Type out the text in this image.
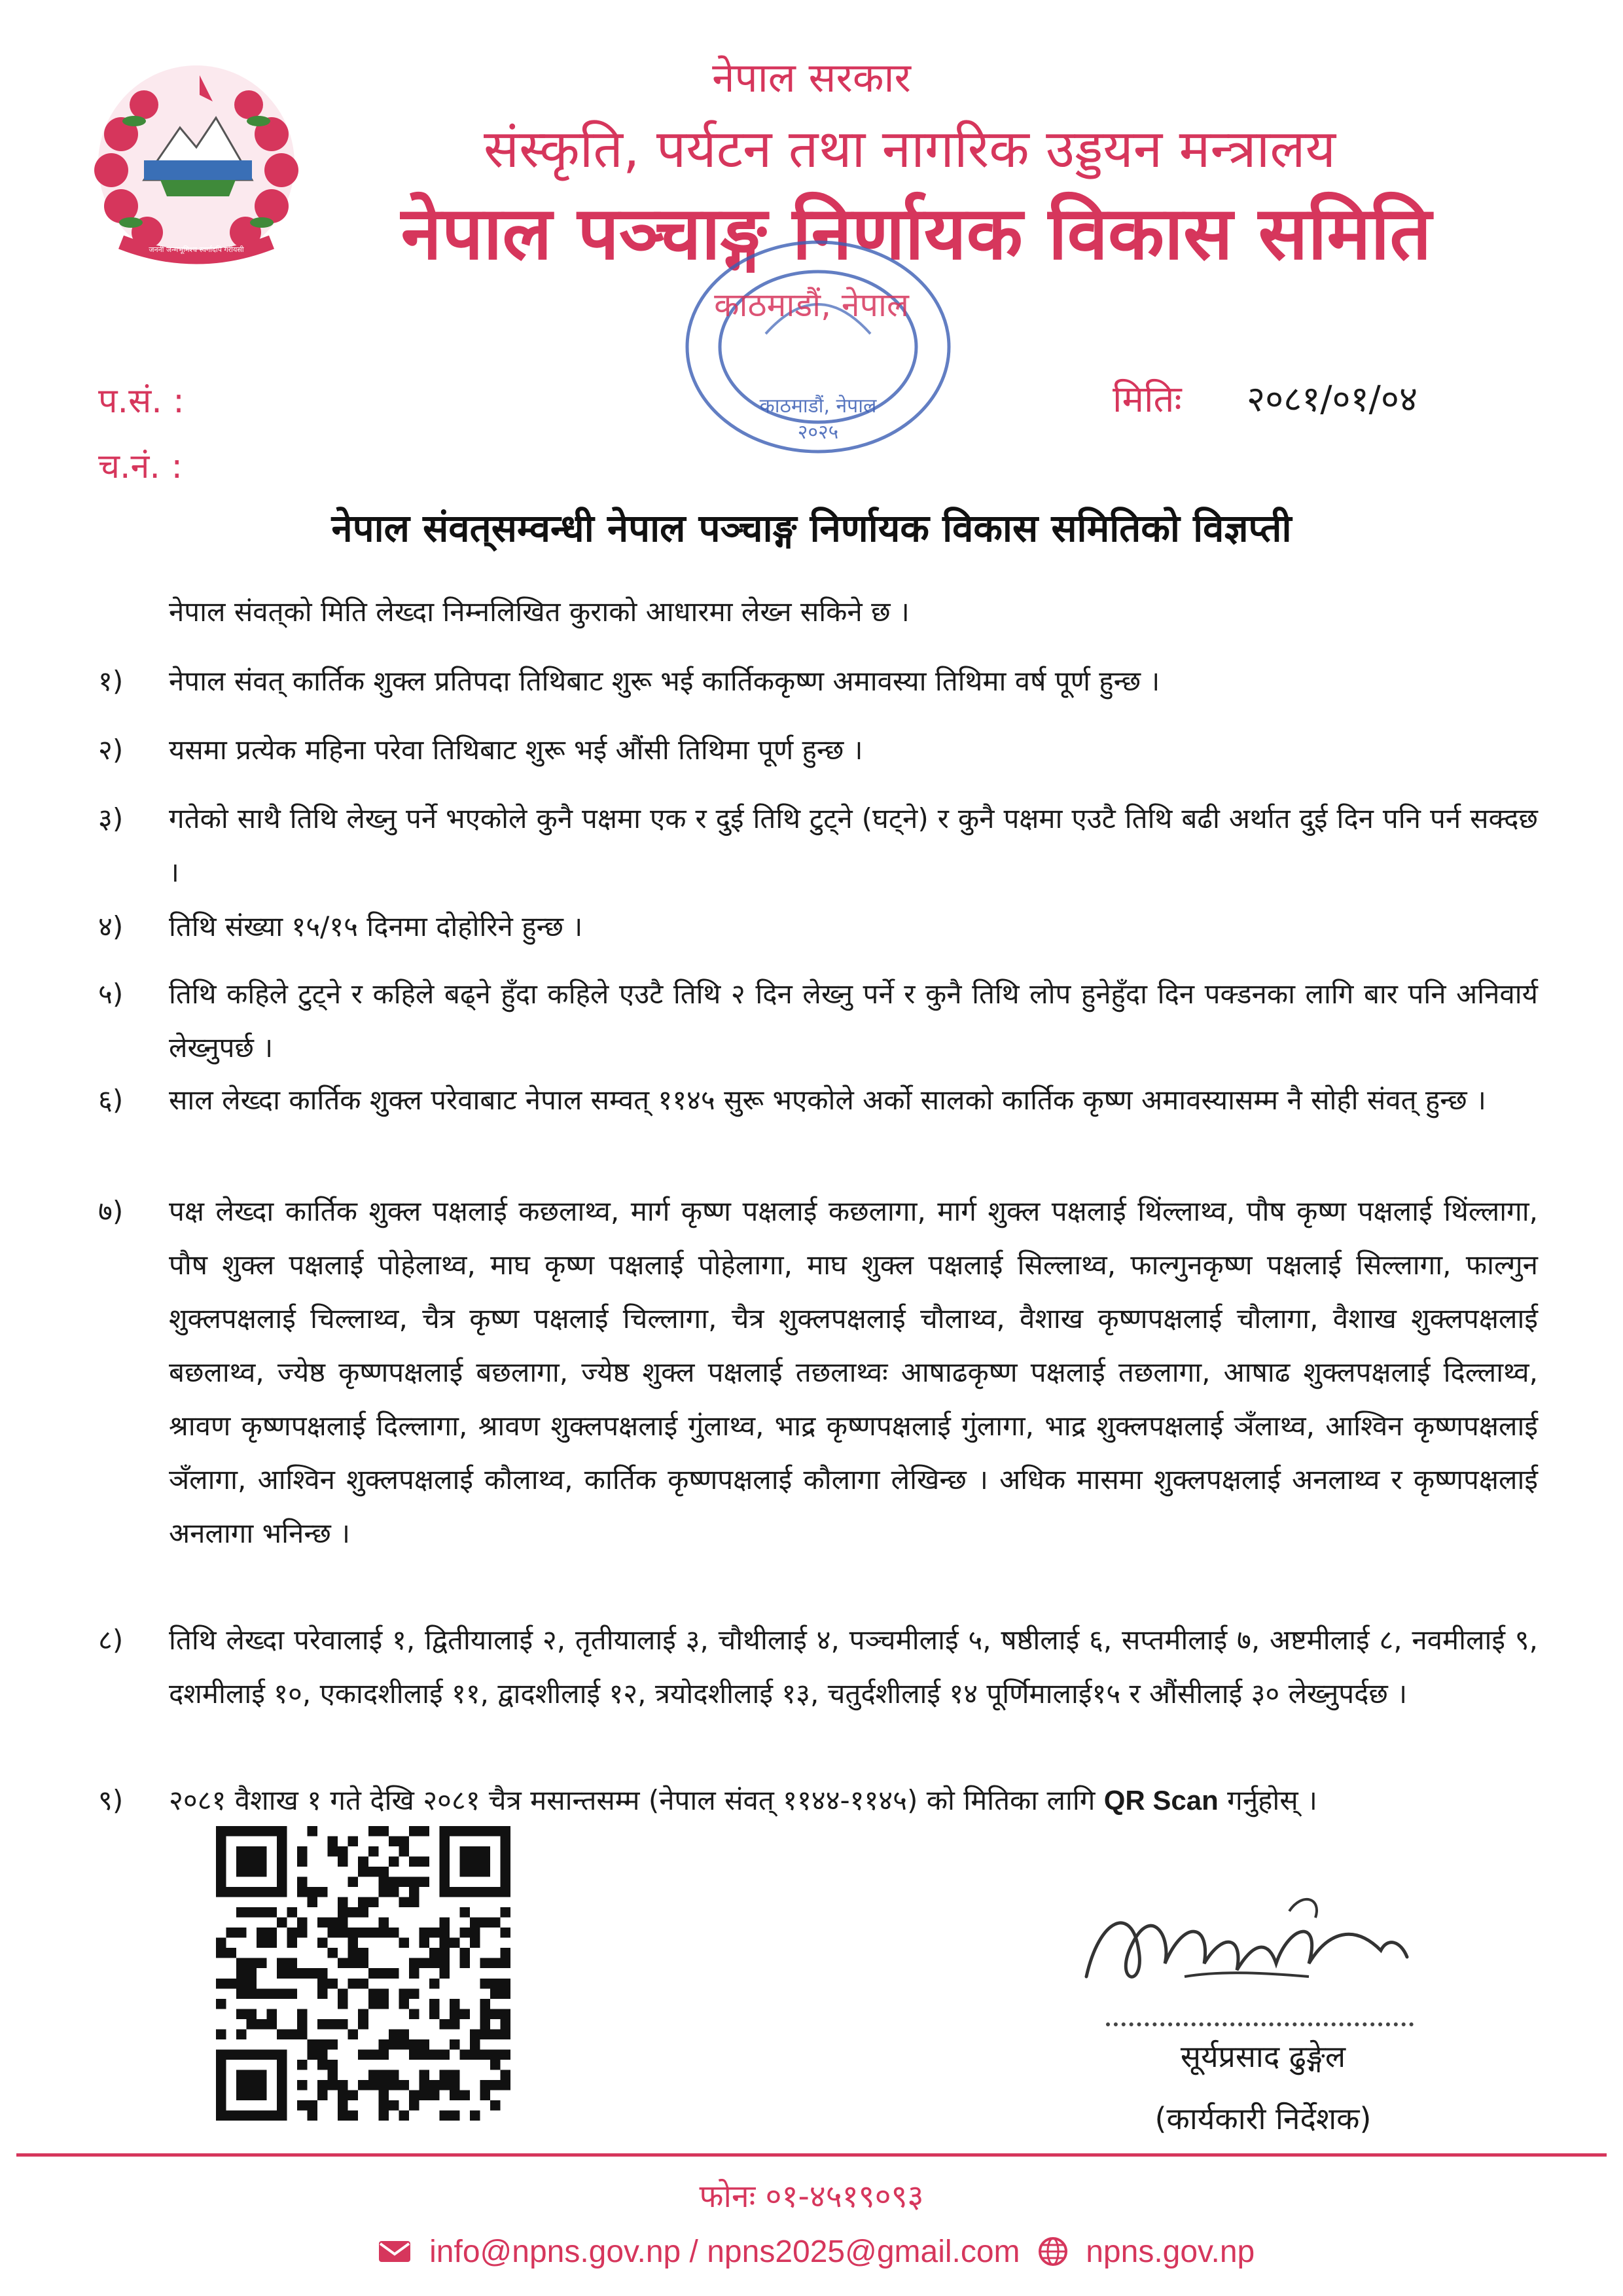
जननी जन्मभूमिश्च स्वर्गादपि गरीयसी
नेपाल सरकार
संस्कृति, पर्यटन तथा नागरिक उड्डयन मन्त्रालय
नेपाल पञ्चाङ्ग निर्णायक विकास समिति
काठमाडौं, नेपाल
२०२५
काठमाडौं, नेपाल
प.सं. :
च.नं. :
मितिः २०८१/०१/०४
नेपाल संवत्‌सम्वन्धी नेपाल पञ्चाङ्ग निर्णायक विकास समितिको विज्ञप्ती
नेपाल संवत्‌को मिति लेख्दा निम्नलिखित कुराको आधारमा लेख्न सकिने छ ।
१)	नेपाल संवत् कार्तिक शुक्ल प्रतिपदा तिथिबाट शुरू भई कार्तिककृष्ण अमावस्या तिथिमा वर्ष पूर्ण हुन्छ ।
२)	यसमा प्रत्येक महिना परेवा तिथिबाट शुरू भई औंसी तिथिमा पूर्ण हुन्छ ।
३)	गतेको साथै तिथि लेख्नु पर्ने भएकोले कुनै पक्षमा एक र दुई तिथि टुट्ने (घट्ने) र कुनै पक्षमा एउटै तिथि बढी अर्थात दुई दिन पनि पर्न सक्दछ ।
४)	तिथि संख्या १५/१५ दिनमा दोहोरिने हुन्छ ।
५)	तिथि कहिले टुट्ने र कहिले बढ्ने हुँदा कहिले एउटै तिथि २ दिन लेख्नु पर्ने र कुनै तिथि लोप हुनेहुँदा दिन पक्डनका लागि बार पनि अनिवार्य लेख्नुपर्छ ।
६)	साल लेख्दा कार्तिक शुक्ल परेवाबाट नेपाल सम्वत् ११४५ सुरू भएकोले अर्को सालको कार्तिक कृष्ण अमावस्यासम्म नै सोही संवत् हुन्छ ।
७)	पक्ष लेख्दा कार्तिक शुक्ल पक्षलाई कछलाथ्व, मार्ग कृष्ण पक्षलाई कछलागा, मार्ग शुक्ल पक्षलाई थिंल्लाथ्व, पौष कृष्ण पक्षलाई थिंल्लागा, पौष शुक्ल पक्षलाई पोहेलाथ्व, माघ कृष्ण पक्षलाई पोहेलागा, माघ शुक्ल पक्षलाई सिल्लाथ्व, फाल्गुनकृष्ण पक्षलाई सिल्लागा, फाल्गुन शुक्लपक्षलाई चिल्लाथ्व, चैत्र कृष्ण पक्षलाई चिल्लागा, चैत्र शुक्लपक्षलाई चौलाथ्व, वैशाख कृष्णपक्षलाई चौलागा, वैशाख शुक्लपक्षलाई बछलाथ्व, ज्येष्ठ कृष्णपक्षलाई बछलागा, ज्येष्ठ शुक्ल पक्षलाई तछलाथ्वः आषाढकृष्ण पक्षलाई तछलागा, आषाढ शुक्लपक्षलाई दिल्लाथ्व, श्रावण कृष्णपक्षलाई दिल्लागा, श्रावण शुक्लपक्षलाई गुंलाथ्व, भाद्र कृष्णपक्षलाई गुंलागा, भाद्र शुक्लपक्षलाई ञँलाथ्व, आश्विन कृष्णपक्षलाई ञँलागा, आश्विन शुक्लपक्षलाई कौलाथ्व, कार्तिक कृष्णपक्षलाई कौलागा लेखिन्छ । अधिक मासमा शुक्लपक्षलाई अनलाथ्व र कृष्णपक्षलाई अनलागा भनिन्छ ।
८)	तिथि लेख्दा परेवालाई १, द्वितीयालाई २, तृतीयालाई ३, चौथीलाई ४, पञ्चमीलाई ५, षष्ठीलाई ६, सप्तमीलाई ७, अष्टमीलाई ८, नवमीलाई ९, दशमीलाई १०, एकादशीलाई ११, द्वादशीलाई १२, त्रयोदशीलाई १३, चतुर्दशीलाई १४ पूर्णिमालाई१५ र औंसीलाई ३० लेख्नुपर्दछ ।
९)	२०८१ वैशाख १ गते देखि २०८१ चैत्र मसान्तसम्म (नेपाल संवत् ११४४-११४५) को मितिका लागि QR Scan गर्नुहोस् ।
सूर्यप्रसाद ढुङ्गेल
(कार्यकारी निर्देशक)
फोनः ०१-४५१९०९३
info@npns.gov.np / npns2025@gmail.com npns.gov.np
